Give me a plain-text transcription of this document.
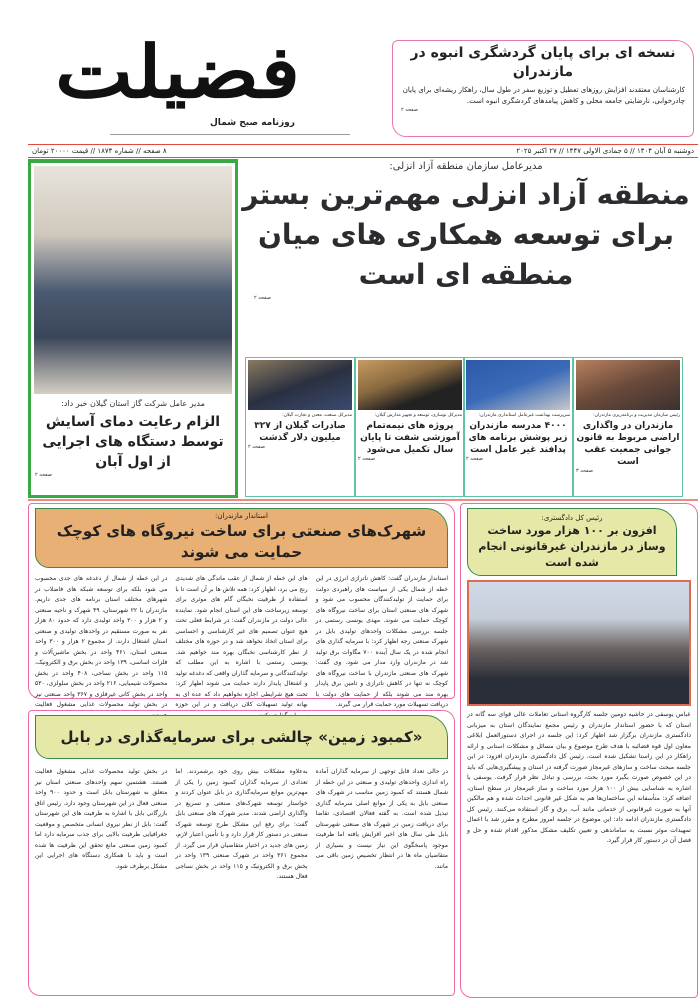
فضیلت
روزنامه صبح شمال
نسخه ای برای پایان گردشگری انبوه در مازندران

کارشناسان معتقدند افزایش روزهای تعطیل و توزیع سفر در طول سال، راهکار ریشه‌ای برای پایان چادرخوابی، نارضایتی جامعه محلی و کاهش پیامدهای گردشگری انبوه است.

صفحه ۲
دوشنبه ۵ آبان ۱۴۰۴ // ۵ جمادی الاولی ۱۴۴۷ // ۲۷ اکتبر ۲۰۲۵
۸ صفحه // شماره ۱۸۷۴ // قیمت ۲۰۰۰۰ تومان
مدیر عامل شرکت گاز استان گیلان خبر داد:
الزام رعایت دمای آسایش توسط دستگاه های اجرایی از اول آبان
صفحه ۲
مدیرعامل سازمان منطقه آزاد انزلی:
منطقه آزاد انزلی مهم‌ترین بستر برای توسعه همکاری های میان منطقه ای است
صفحه ۲
رئیس سازمان مدیریت و برنامه‌ریزی مازندران:
مازندران در واگذاری اراضی مربوط به قانون جوانی جمعیت عقب است
صفحه ۳
سرپرست بهداشت غیرعامل استانداری مازندران:
۴۰۰۰ مدرسه مازندران زیر پوشش برنامه های پدافند غیر عامل است
صفحه ۲
مدیرکل نوسازی، توسعه و تجهیز مدارس گیلان:
پروژه های نیمه‌تمام آموزشی شفت تا پایان سال تکمیل می‌شود
صفحه ۲
مدیرکل صنعت، معدن و تجارت گیلان:
صادرات گیلان از ۳۲۷ میلیون دلار گذشت
صفحه ۲
استاندار مازندران:
شهرک‌های صنعتی برای ساخت نیروگاه های کوچک حمایت می شوند
استاندار مازندران گفت: کاهش ناترازی انرژی در این خطه از شمال یکی از سیاست های راهبردی دولت برای حمایت از تولیدکنندگان محسوب می شود و شهرک های صنعتی استان برای ساخت نیروگاه های کوچک حمایت می شوند. مهدی یونسی رستمی در جلسه بررسی مشکلات واحدهای تولیدی بابل در شهرک صنعتی رجه اظهار کرد: با سرمایه گذاری های انجام شده در یک سال آینده ۷۰۰ مگاوات برق تولید شد در مازندران وارد مدار می شود. وی گفت: شهرک های صنعتی مازندران با ساخت نیروگاه های کوچک نه تنها در کاهش ناترازی و تامین برق پایدار بهره مند می شوند بلکه از حمایت های دولت با دریافت تسهیلات مورد حمایت قرار می گیرند.
های این خطه از شمال از عقب ماندگی های شدیدی رنج می برد، اظهار کرد: همه تلاش ها بر آن است تا با استفاده از ظرفیت نخبگان گام های موثری برای توسعه زیرساخت های این استان انجام شود. نماینده عالی دولت در مازندران گفت: در شرایط فعلی تحت هیچ عنوان تصمیم های غیر کارشناسی و احساسی برای استان اتخاذ نخواهد شد و در حوزه های مختلف از نظر کارشناسی نخبگان بهره مند خواهیم شد. یونسی رستمی با اشاره به این مطلب که تولیدکنندگانی و سرمایه گذاران واقعی که دغدغه تولید و اشتغال پایدار دارند حمایت می شوند اظهار کرد: تحت هیچ شرایطی اجازه نخواهیم داد که عده ای به بهانه تولید تسهیلات کلان دریافت و در این حوزه
در این خطه از شمال از دغدغه های جدی محسوب می شود بلکه برای توسعه شبکه های فاضلاب در شهرهای مختلف استان برنامه های جدی داریم. مازندران با ۲۲ شهرستان، ۴۹ شهرک و ناحیه صنعتی و ۲ هزار و ۳۰۰ واحد تولیدی دارد که حدود ۸۰ هزار نفر به صورت مستقیم در واحدهای تولیدی و صنعتی استان اشتغال دارند. از مجموع ۲ هزار و ۳۰۰ واحد صنعتی استان، ۴۶۱ واحد در بخش ماشین‌آلات و فلزات اساسی، ۱۳۹ واحد در بخش برق و الکترونیک، ۱۱۵ واحد در بخش نساجی، ۴۰۸ واحد در بخش محصولات شیمیایی، ۲۱۶ واحد در بخش سلولزی، ۵۳۰ واحد در بخش کانی غیرفلزی و ۳۶۷ واحد صنعتی نیز در بخش تولید محصولات غذایی مشغول فعالیت
رئیس کل دادگستری:
افزون بر ۱۰۰ هزار مورد ساخت وساز در مازندران غیرقانونی انجام شده است
عباس یوسفی در حاشیه دومین جلسه کارگروه استانی تعاملات عالی قوای سه گانه در استان که با حضور استاندار مازندران و رئیس مجمع نمایندگان استان به میزبانی دادگستری مازندران برگزار شد اظهار کرد: این جلسه در اجرای دستورالعمل ابلاغی معاون اول قوه قضائیه با هدف طرح موضوع و بیان مسائل و مشکلات استانی و ارائه راهکار در این راستا تشکیل شده است. رئیس کل دادگستری مازندران افزود: در این جلسه مبحث ساخت و سازهای غیرمجاز صورت گرفته در استان و پیشگیری‌هایی که باید در این خصوص صورت بگیرد مورد بحث، بررسی و تبادل نظر قرار گرفت. یوسفی با اشاره به شناسایی بیش از ۱۰۰ هزار مورد ساخت و ساز غیرمجاز در سطح استان، اضافه کرد: متأسفانه این ساختمان‌ها هم به شکل غیر قانونی احداث شده و هم مالکین آنها به صورت غیرقانونی از خدماتی مانند آب، برق و گاز استفاده می‌کنند. رئیس کل دادگستری مازندران ادامه داد: این موضوع در جلسه امروز مطرح و مقرر شد با اعمال تمهیدات موثر نسبت به ساماندهی و تعیین تکلیف مشکل مذکور اقدام شده و حل و فصل آن در دستور کار قرار گیرد.
«کمبود زمین» چالشی برای سرمایه‌گذاری در بابل
در حالی تعداد قابل توجهی از سرمایه گذاران آماده راه اندازی واحدهای تولیدی و صنعتی در این خطه از شمال هستند که کمبود زمین مناسب در شهرک های صنعتی بابل به یکی از موانع اصلی سرمایه گذاری تبدیل شده است. به گفته فعالان اقتصادی، تقاضا برای دریافت زمین در شهرک های صنعتی شهرستان بابل طی سال های اخیر افزایش یافته اما ظرفیت موجود پاسخگوی این نیاز نیست و بسیاری از متقاضیان ماه ها در انتظار تخصیص زمین باقی می مانند.
به‌علاوه مشکلات بیش روی خود برشمردند. اما تعدادی از سرمایه گذاران کمبود زمین را یکی از مهم‌ترین موانع سرمایه‌گذاری در بابل عنوان کردند و خواستار توسعه شهرک‌های صنعتی و تسریع در واگذاری اراضی شدند. مدیر شهرک های صنعتی بابل گفت: برای رفع این مشکل طرح توسعه شهرک صنعتی در دستور کار قرار دارد و با تأمین اعتبار لازم، زمین های جدید در اختیار متقاضیان قرار می گیرد. از مجموع ۳۶۱ واحد در شهرک صنعتی ۱۳۹ واحد در بخش برق و الکترونیک و ۱۱۵ واحد در بخش نساجی فعال هستند.
در بخش تولید محصولات غذایی مشغول فعالیت هستند. هشتمین سهم واحدهای صنعتی استان نیز متعلق به شهرستان بابل است و حدود ۹۰۰ واحد صنعتی فعال در این شهرستان وجود دارد. رئیس اتاق بازرگانی بابل با اشاره به ظرفیت های این شهرستان گفت: بابل از نظر نیروی انسانی متخصص و موقعیت جغرافیایی ظرفیت بالایی برای جذب سرمایه دارد اما کمبود زمین صنعتی مانع تحقق این ظرفیت ها شده است و باید با همکاری دستگاه های اجرایی این مشکل برطرف شود.
